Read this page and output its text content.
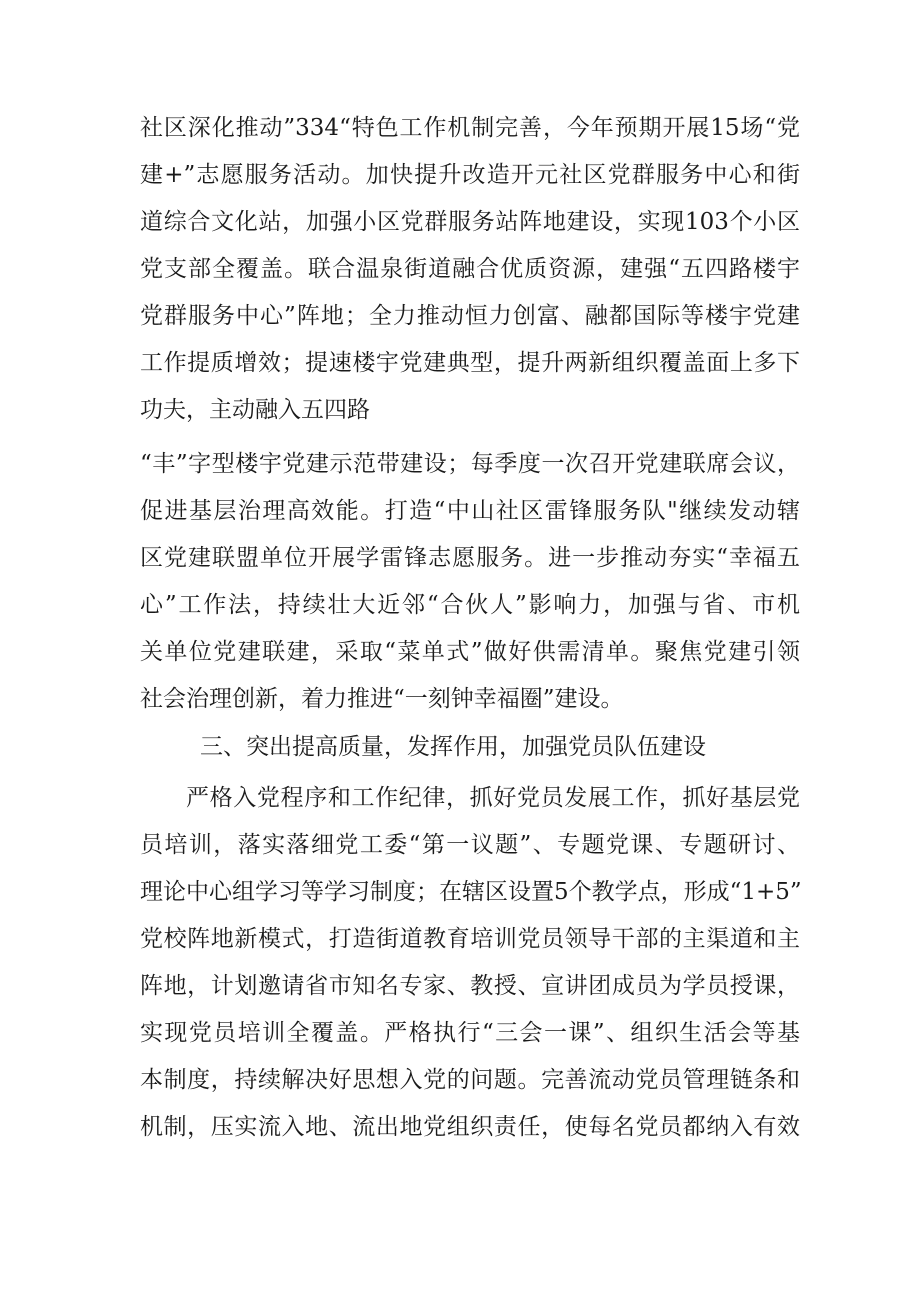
社区深化推动”334“特色工作机制完善，今年预期开展15场“党
建+”志愿服务活动。加快提升改造开元社区党群服务中心和街
道综合文化站，加强小区党群服务站阵地建设，实现103个小区
党支部全覆盖。联合温泉街道融合优质资源，建强“五四路楼宇
党群服务中心”阵地；全力推动恒力创富、融都国际等楼宇党建
工作提质增效；提速楼宇党建典型，提升两新组织覆盖面上多下
功夫，主动融入五四路
“丰”字型楼宇党建示范带建设；每季度一次召开党建联席会议，
促进基层治理高效能。打造“中山社区雷锋服务队"继续发动辖
区党建联盟单位开展学雷锋志愿服务。进一步推动夯实“幸福五
心”工作法，持续壮大近邻“合伙人”影响力，加强与省、市机
关单位党建联建，采取“菜单式”做好供需清单。聚焦党建引领
社会治理创新，着力推进“一刻钟幸福圈”建设。
三、突出提高质量，发挥作用，加强党员队伍建设
严格入党程序和工作纪律，抓好党员发展工作，抓好基层党
员培训，落实落细党工委“第一议题”、专题党课、专题研讨、
理论中心组学习等学习制度；在辖区设置5个教学点，形成“1+5”
党校阵地新模式，打造街道教育培训党员领导干部的主渠道和主
阵地，计划邀请省市知名专家、教授、宣讲团成员为学员授课，
实现党员培训全覆盖。严格执行“三会一课”、组织生活会等基
本制度，持续解决好思想入党的问题。完善流动党员管理链条和
机制，压实流入地、流出地党组织责任，使每名党员都纳入有效
